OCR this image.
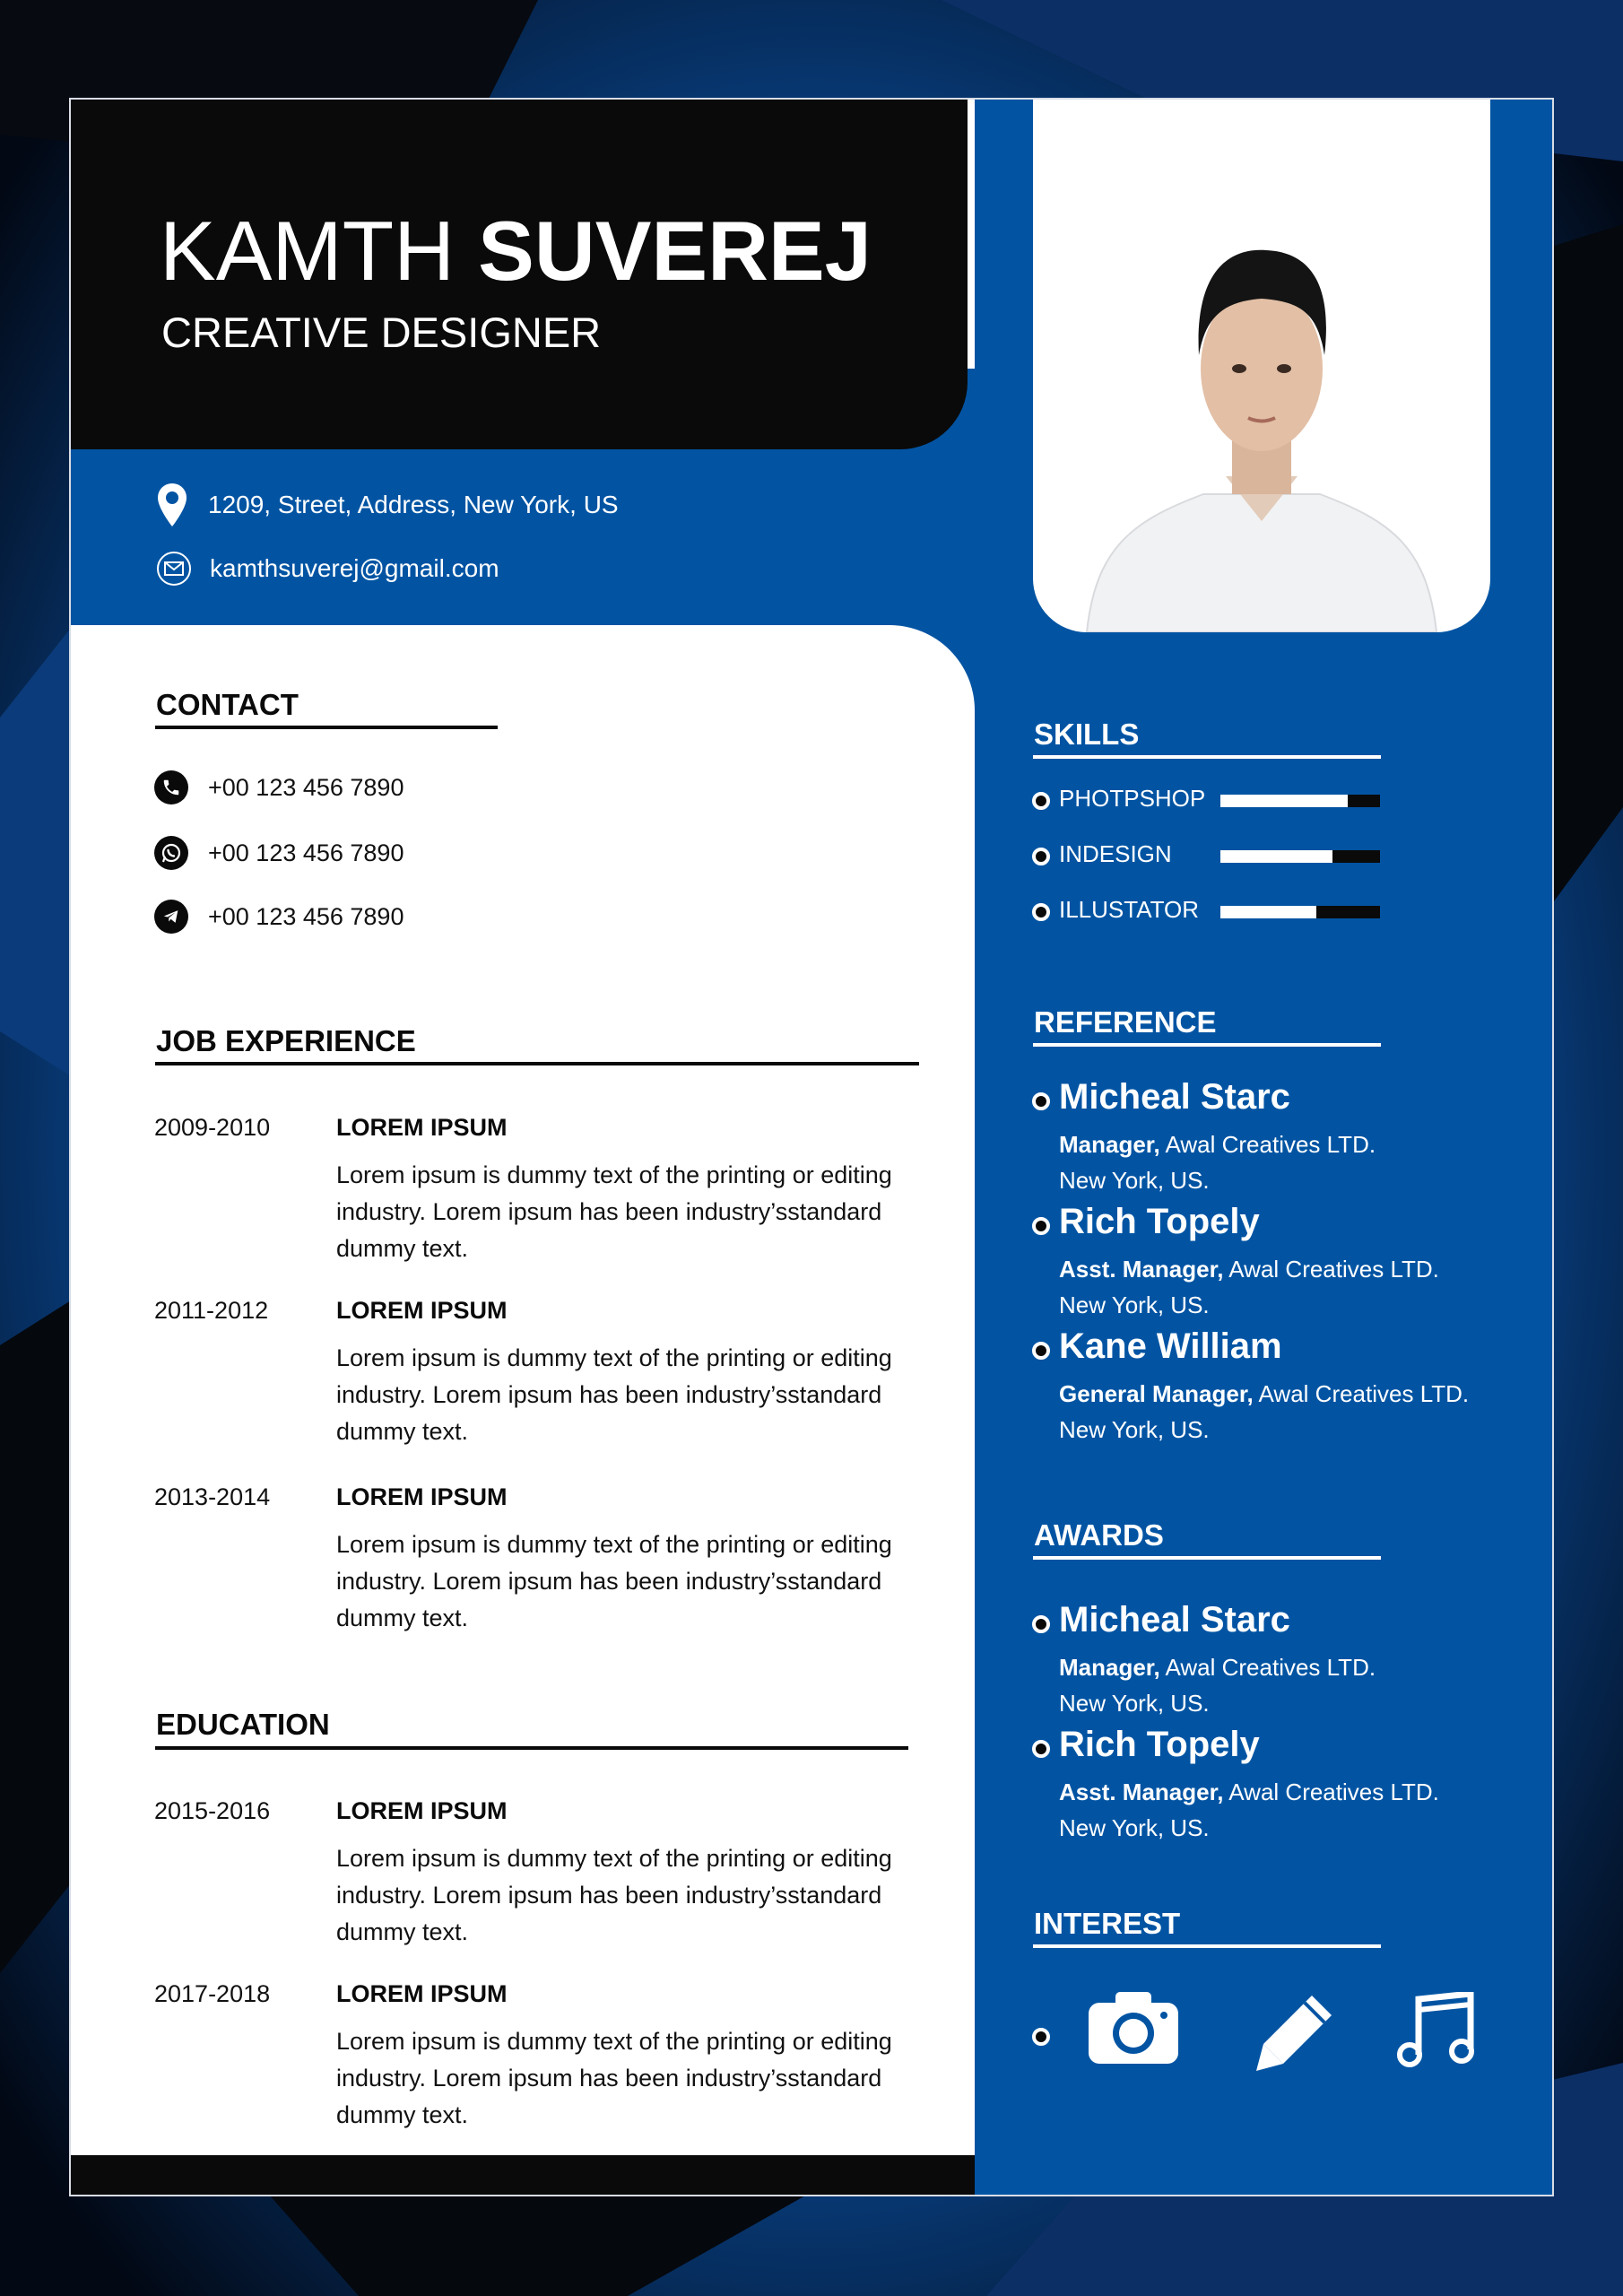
KAMTH SUVEREJ
CREATIVE DESIGNER
1209, Street, Address, New York, US
kamthsuverej@gmail.com
CONTACT
+00 123 456 7890
+00 123 456 7890
+00 123 456 7890
JOB EXPERIENCE
2009-2010	LOREM IPSUM
Lorem ipsum is dummy text of the printing or editing industry. Lorem ipsum has been industry’sstandard dummy text.
2011-2012	LOREM IPSUM
Lorem ipsum is dummy text of the printing or editing industry. Lorem ipsum has been industry’sstandard dummy text.
2013-2014	LOREM IPSUM
Lorem ipsum is dummy text of the printing or editing industry. Lorem ipsum has been industry’sstandard dummy text.
EDUCATION
2015-2016	LOREM IPSUM
Lorem ipsum is dummy text of the printing or editing industry. Lorem ipsum has been industry’sstandard dummy text.
2017-2018	LOREM IPSUM
Lorem ipsum is dummy text of the printing or editing industry. Lorem ipsum has been industry’sstandard dummy text.
SKILLS
PHOTPSHOP
INDESIGN
ILLUSTATOR
REFERENCE
Micheal Starc
Manager, Awal Creatives LTD.
New York, US.
Rich Topely
Asst. Manager, Awal Creatives LTD.
New York, US.
Kane William
General Manager, Awal Creatives LTD.
New York, US.
AWARDS
Micheal Starc
Manager, Awal Creatives LTD.
New York, US.
Rich Topely
Asst. Manager, Awal Creatives LTD.
New York, US.
INTEREST
